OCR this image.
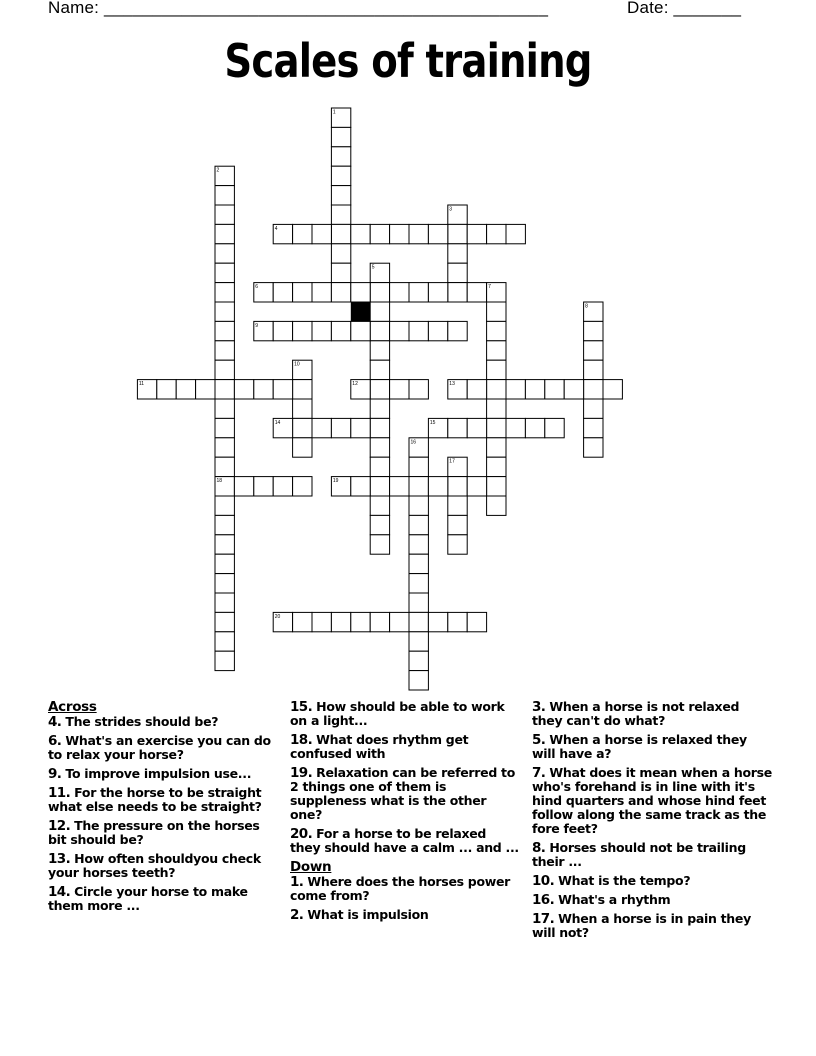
Name: ______________________________________________	Date: _______
Scales of training
1
2
3
4
5
6	7
8
9
10
11	12	13
14	15
16
17
18	19
20
Across
4. The strides should be?
6. What's an exercise you can do to relax your horse?
9. To improve impulsion use...
11. For the horse to be straight what else needs to be straight?
12. The pressure on the horses bit should be?
13. How often shouldyou check your horses teeth?
14. Circle your horse to make them more ...
15. How should be able to work on a light...
18. What does rhythm get confused with
19. Relaxation can be referred to 2 things one of them is suppleness what is the other one?
20. For a horse to be relaxed they should have a calm ... and ...
Down
1. Where does the horses power come from?
2. What is impulsion
3. When a horse is not relaxed they can't do what?
5. When a horse is relaxed they will have a?
7. What does it mean when a horse who's forehand is in line with it's hind quarters and whose hind feet follow along the same track as the fore feet?
8. Horses should not be trailing their ...
10. What is the tempo?
16. What's a rhythm
17. When a horse is in pain they will not?
